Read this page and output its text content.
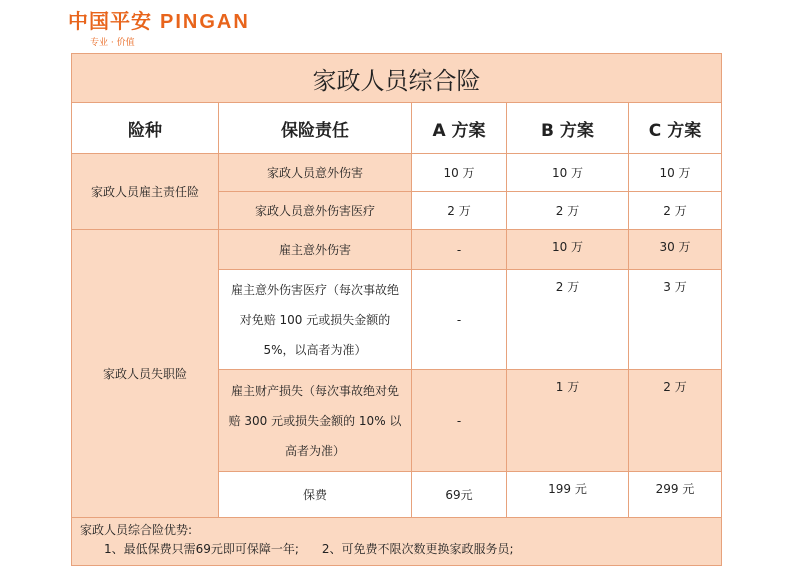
中国平安 PINGAN
专业 · 价值
家政人员综合险				
险种	保险责任	A 方案	B 方案	C 方案
家政人员雇主责任险	家政人员意外伤害	10 万	10 万	10 万
	家政人员意外伤害医疗	2 万	2 万	2 万
家政人员失职险	雇主意外伤害	-	10 万	30 万
	雇主意外伤害医疗（每次事故绝对免赔 100 元或损失金额的 5%，以高者为准）	-	2 万	3 万
	雇主财产损失（每次事故绝对免赔 300 元或损失金额的 10% 以高者为准）	-	1 万	2 万
	保费	69元	199 元	299 元

家政人员综合险优势:
1、最低保费只需69元即可保障一年; 2、可免费不限次数更换家政服务员;				
